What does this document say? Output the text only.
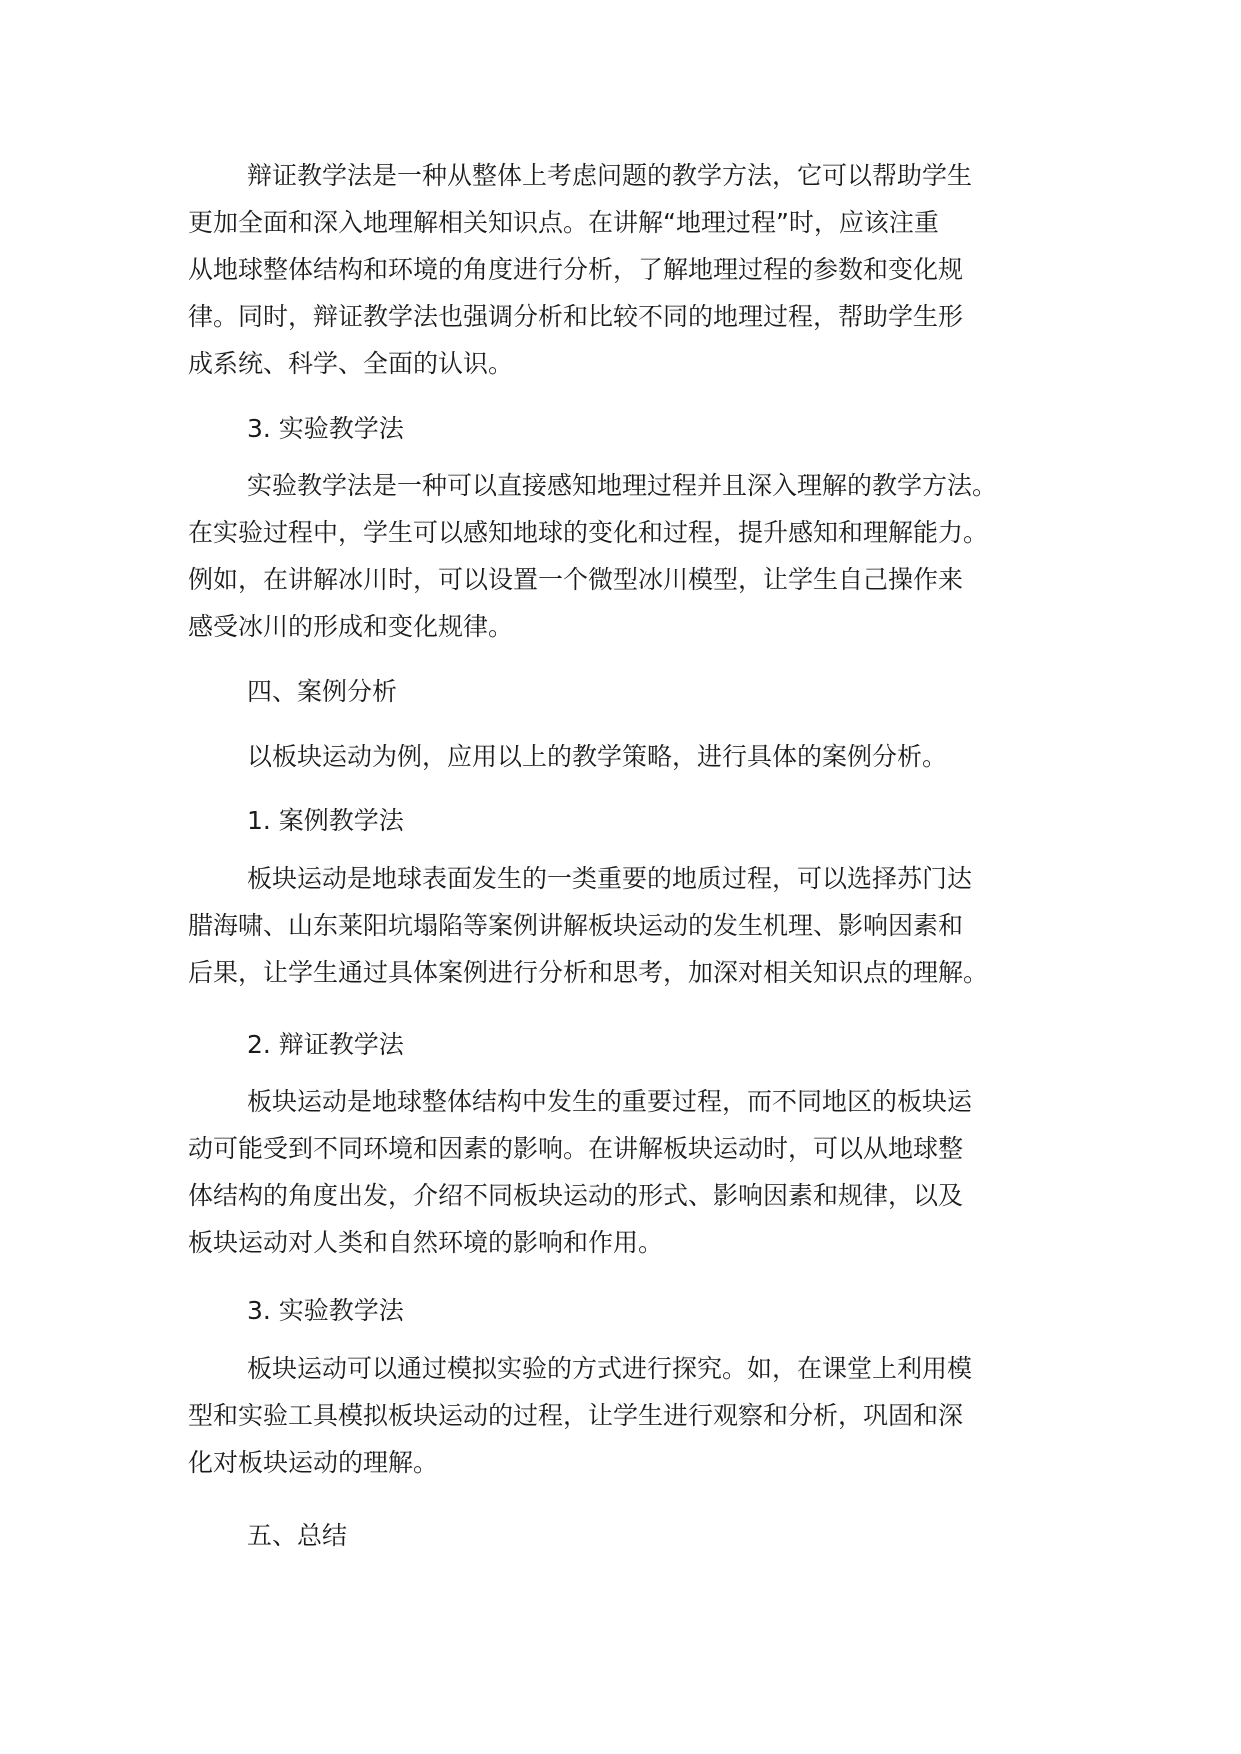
辩证教学法是一种从整体上考虑问题的教学方法，它可以帮助学生
更加全面和深入地理解相关知识点。在讲解“地理过程”时，应该注重
从地球整体结构和环境的角度进行分析，了解地理过程的参数和变化规
律。同时，辩证教学法也强调分析和比较不同的地理过程，帮助学生形
成系统、科学、全面的认识。
3. 实验教学法
实验教学法是一种可以直接感知地理过程并且深入理解的教学方法。
在实验过程中，学生可以感知地球的变化和过程，提升感知和理解能力。
例如，在讲解冰川时，可以设置一个微型冰川模型，让学生自己操作来
感受冰川的形成和变化规律。
四、案例分析
以板块运动为例，应用以上的教学策略，进行具体的案例分析。
1. 案例教学法
板块运动是地球表面发生的一类重要的地质过程，可以选择苏门达
腊海啸、山东莱阳坑塌陷等案例讲解板块运动的发生机理、影响因素和
后果，让学生通过具体案例进行分析和思考，加深对相关知识点的理解。
2. 辩证教学法
板块运动是地球整体结构中发生的重要过程，而不同地区的板块运
动可能受到不同环境和因素的影响。在讲解板块运动时，可以从地球整
体结构的角度出发，介绍不同板块运动的形式、影响因素和规律，以及
板块运动对人类和自然环境的影响和作用。
3. 实验教学法
板块运动可以通过模拟实验的方式进行探究。如，在课堂上利用模
型和实验工具模拟板块运动的过程，让学生进行观察和分析，巩固和深
化对板块运动的理解。
五、总结
